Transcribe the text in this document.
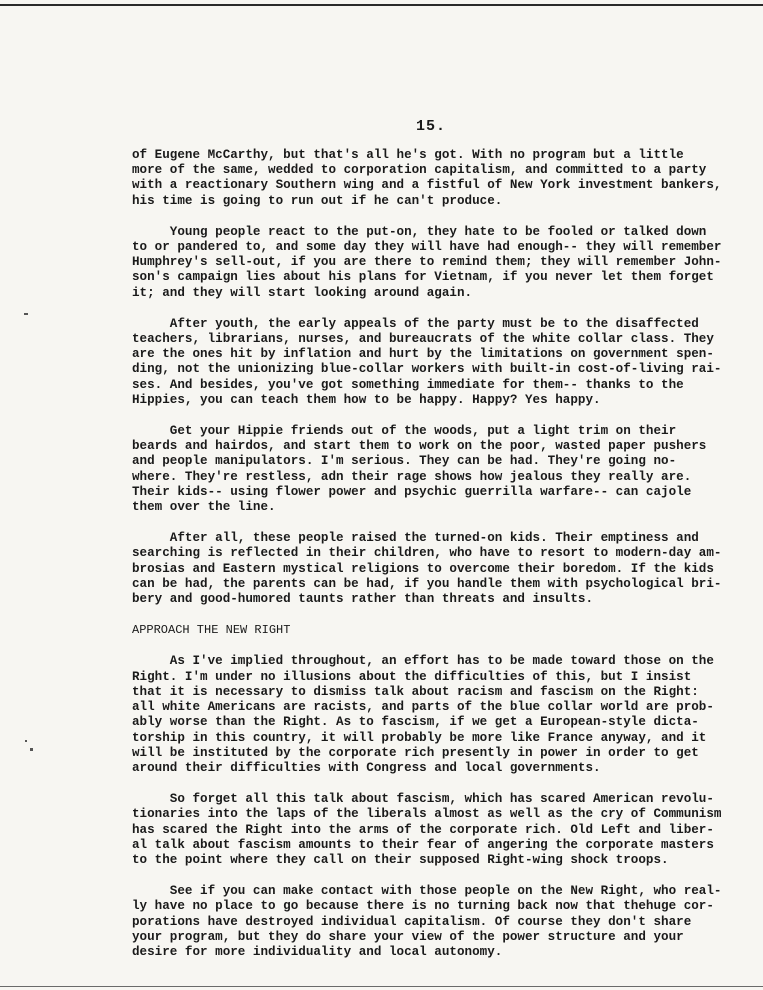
15.
of Eugene McCarthy, but that's all he's got. With no program but a little
more of the same, wedded to corporation capitalism, and committed to a party
with a reactionary Southern wing and a fistful of New York investment bankers,
his time is going to run out if he can't produce.
Young people react to the put-on, they hate to be fooled or talked down
to or pandered to, and some day they will have had enough-- they will remember
Humphrey's sell-out, if you are there to remind them; they will remember John-
son's campaign lies about his plans for Vietnam, if you never let them forget
it; and they will start looking around again.
After youth, the early appeals of the party must be to the disaffected
teachers, librarians, nurses, and bureaucrats of the white collar class. They
are the ones hit by inflation and hurt by the limitations on government spen-
ding, not the unionizing blue-collar workers with built-in cost-of-living rai-
ses. And besides, you've got something immediate for them-- thanks to the
Hippies, you can teach them how to be happy. Happy? Yes happy.
Get your Hippie friends out of the woods, put a light trim on their
beards and hairdos, and start them to work on the poor, wasted paper pushers
and people manipulators. I'm serious. They can be had. They're going no-
where. They're restless, adn their rage shows how jealous they really are.
Their kids-- using flower power and psychic guerrilla warfare-- can cajole
them over the line.
After all, these people raised the turned-on kids. Their emptiness and
searching is reflected in their children, who have to resort to modern-day am-
brosias and Eastern mystical religions to overcome their boredom. If the kids
can be had, the parents can be had, if you handle them with psychological bri-
bery and good-humored taunts rather than threats and insults.
APPROACH THE NEW RIGHT
As I've implied throughout, an effort has to be made toward those on the
Right. I'm under no illusions about the difficulties of this, but I insist
that it is necessary to dismiss talk about racism and fascism on the Right:
all white Americans are racists, and parts of the blue collar world are prob-
ably worse than the Right. As to fascism, if we get a European-style dicta-
torship in this country, it will probably be more like France anyway, and it
will be instituted by the corporate rich presently in power in order to get
around their difficulties with Congress and local governments.
So forget all this talk about fascism, which has scared American revolu-
tionaries into the laps of the liberals almost as well as the cry of Communism
has scared the Right into the arms of the corporate rich. Old Left and liber-
al talk about fascism amounts to their fear of angering the corporate masters
to the point where they call on their supposed Right-wing shock troops.
See if you can make contact with those people on the New Right, who real-
ly have no place to go because there is no turning back now that thehuge cor-
porations have destroyed individual capitalism. Of course they don't share
your program, but they do share your view of the power structure and your
desire for more individuality and local autonomy.
